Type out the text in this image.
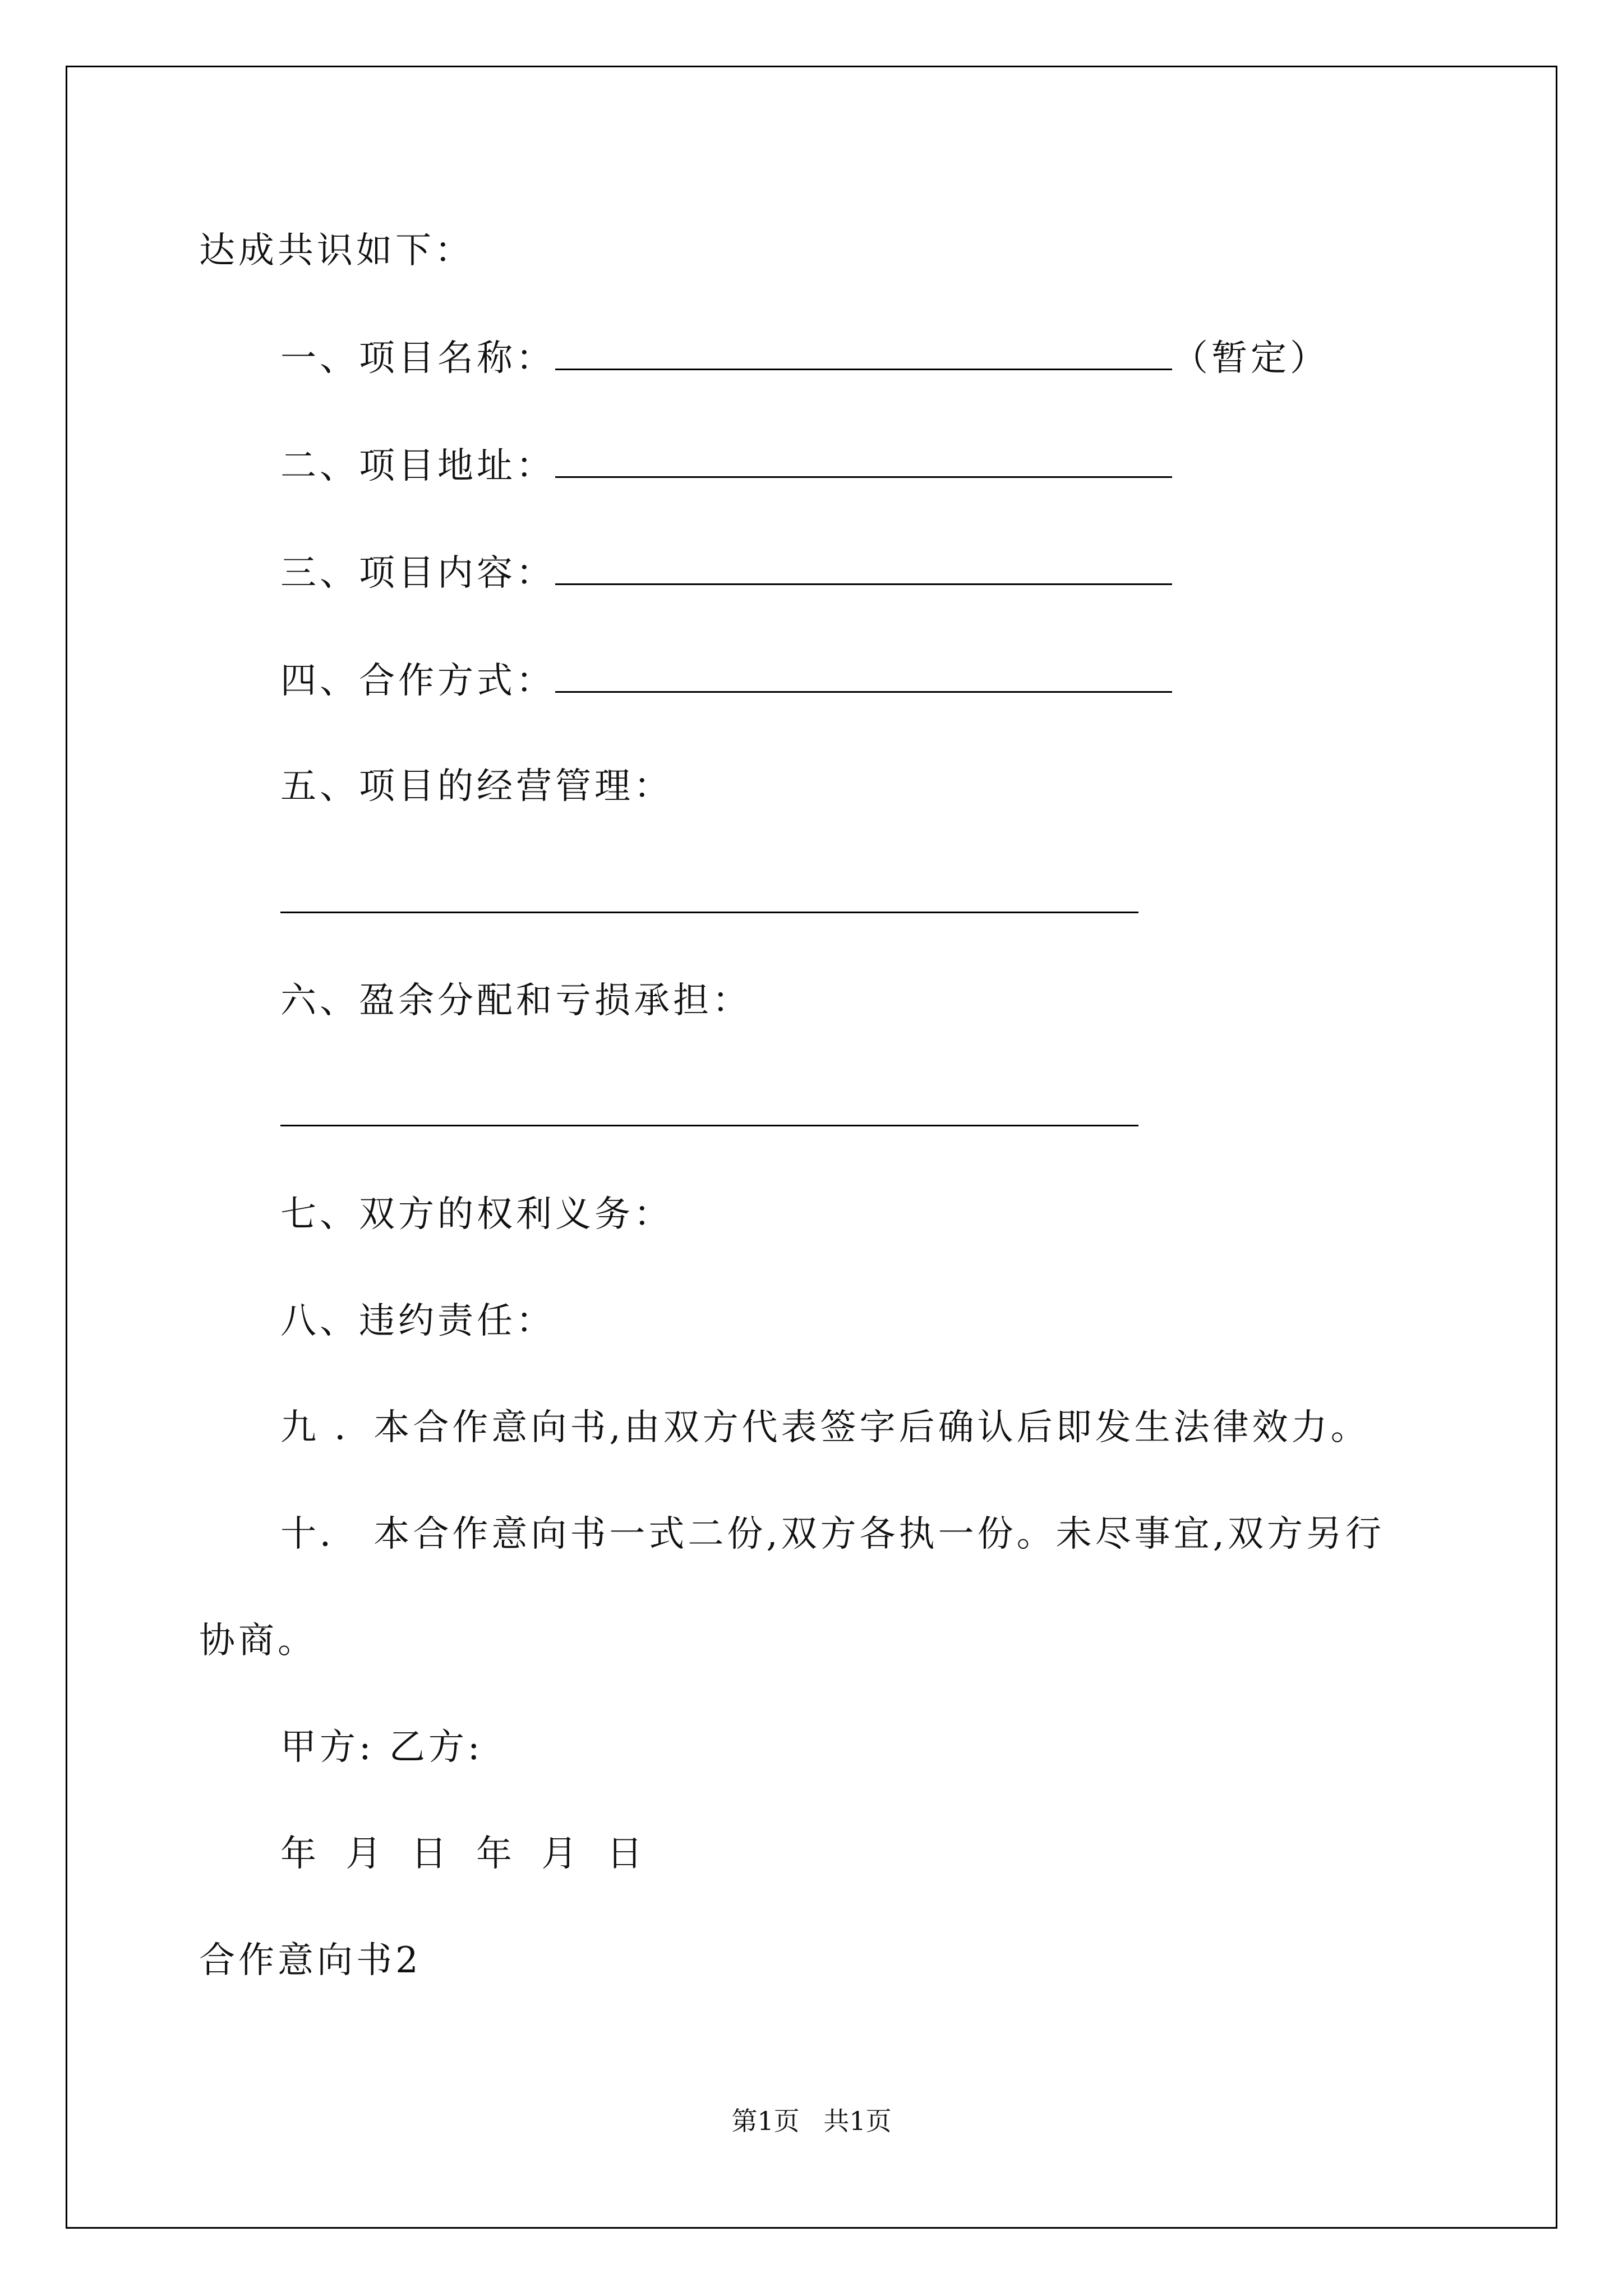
达成共识如下：
一、项目名称：	（暂定）
二、项目地址：
三、项目内容：
四、合作方式：
五、项目的经营管理：
六、盈余分配和亏损承担：
七、双方的权利义务：
八、违约责任：
九 ．本合作意向书,由双方代表签字后确认后即发生法律效力。
十． 本合作意向书一式二份,双方各执一份。未尽事宜,双方另行
协商。
甲方: 乙方:
年 月 日 年 月 日
合作意向书2
第1页 共1页
